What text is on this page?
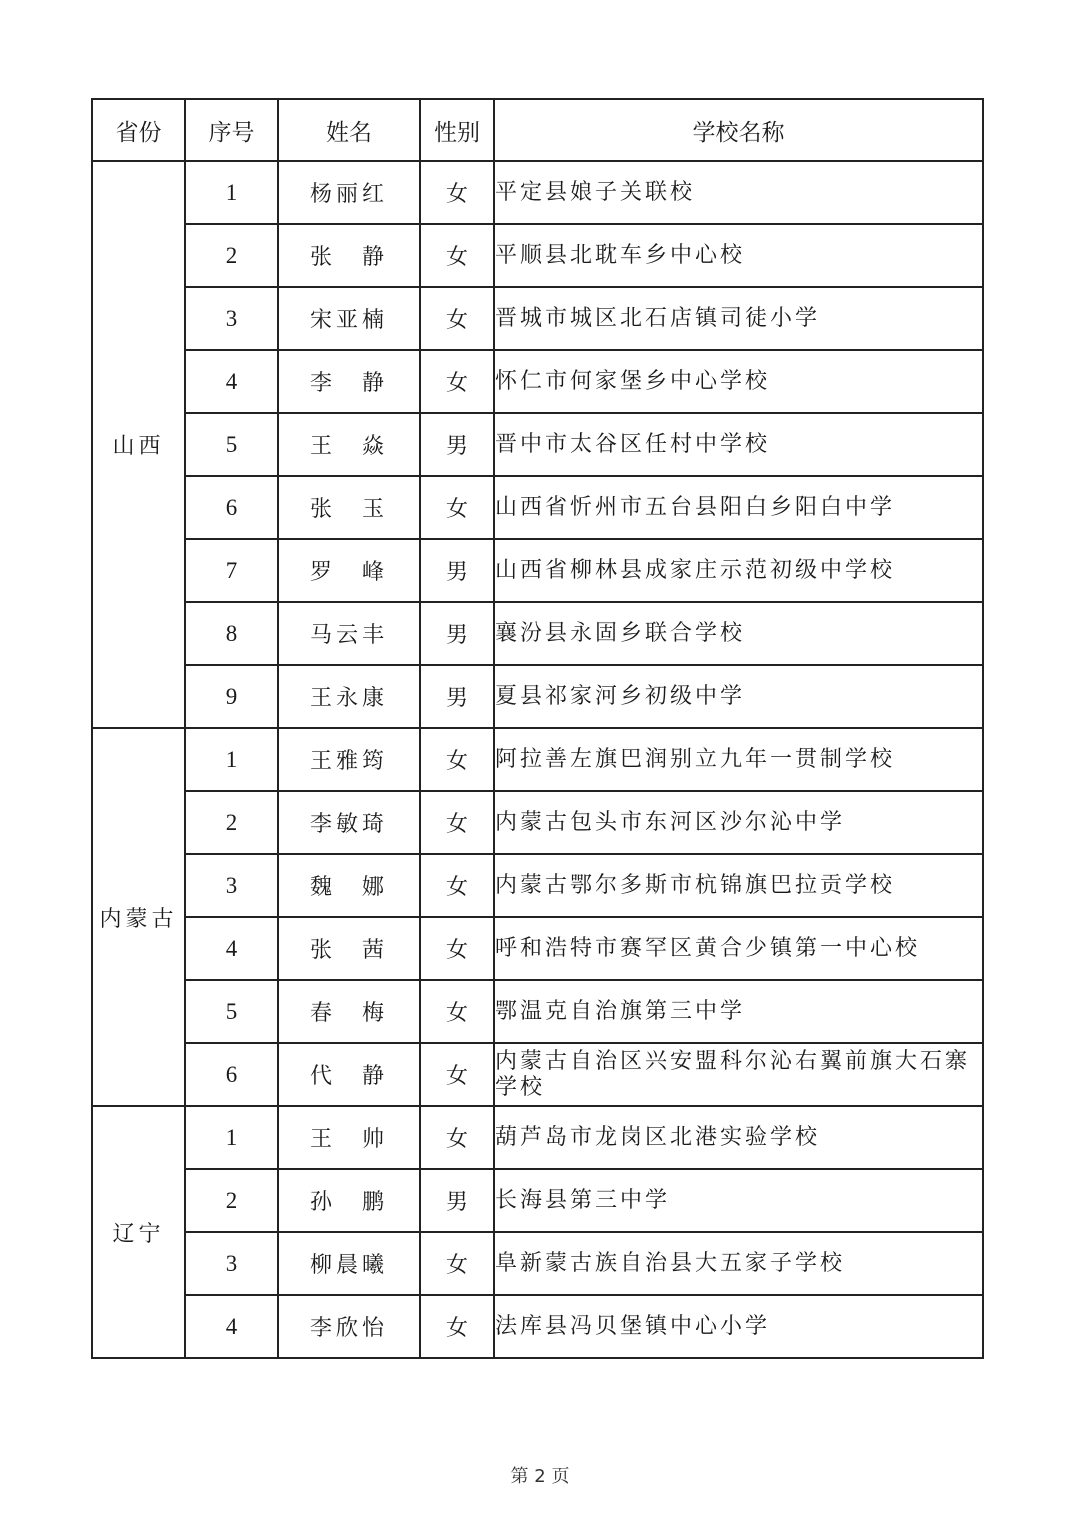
省份	序号	姓名	性别	学校名称
山西	1	杨丽红	女	平定县娘子关联校
	2	张　静	女	平顺县北耽车乡中心校
	3	宋亚楠	女	晋城市城区北石店镇司徒小学
	4	李　静	女	怀仁市何家堡乡中心学校
	5	王　焱	男	晋中市太谷区任村中学校
	6	张　玉	女	山西省忻州市五台县阳白乡阳白中学
	7	罗　峰	男	山西省柳林县成家庄示范初级中学校
	8	马云丰	男	襄汾县永固乡联合学校
	9	王永康	男	夏县祁家河乡初级中学
内蒙古	1	王雅筠	女	阿拉善左旗巴润别立九年一贯制学校
	2	李敏琦	女	内蒙古包头市东河区沙尔沁中学
	3	魏　娜	女	内蒙古鄂尔多斯市杭锦旗巴拉贡学校
	4	张　茜	女	呼和浩特市赛罕区黄合少镇第一中心校
	5	春　梅	女	鄂温克自治旗第三中学
	6	代　静	女	内蒙古自治区兴安盟科尔沁右翼前旗大石寨学校
辽宁	1	王　帅	女	葫芦岛市龙岗区北港实验学校
	2	孙　鹏	男	长海县第三中学
	3	柳晨曦	女	阜新蒙古族自治县大五家子学校
	4	李欣怡	女	法库县冯贝堡镇中心小学
第 2 页
